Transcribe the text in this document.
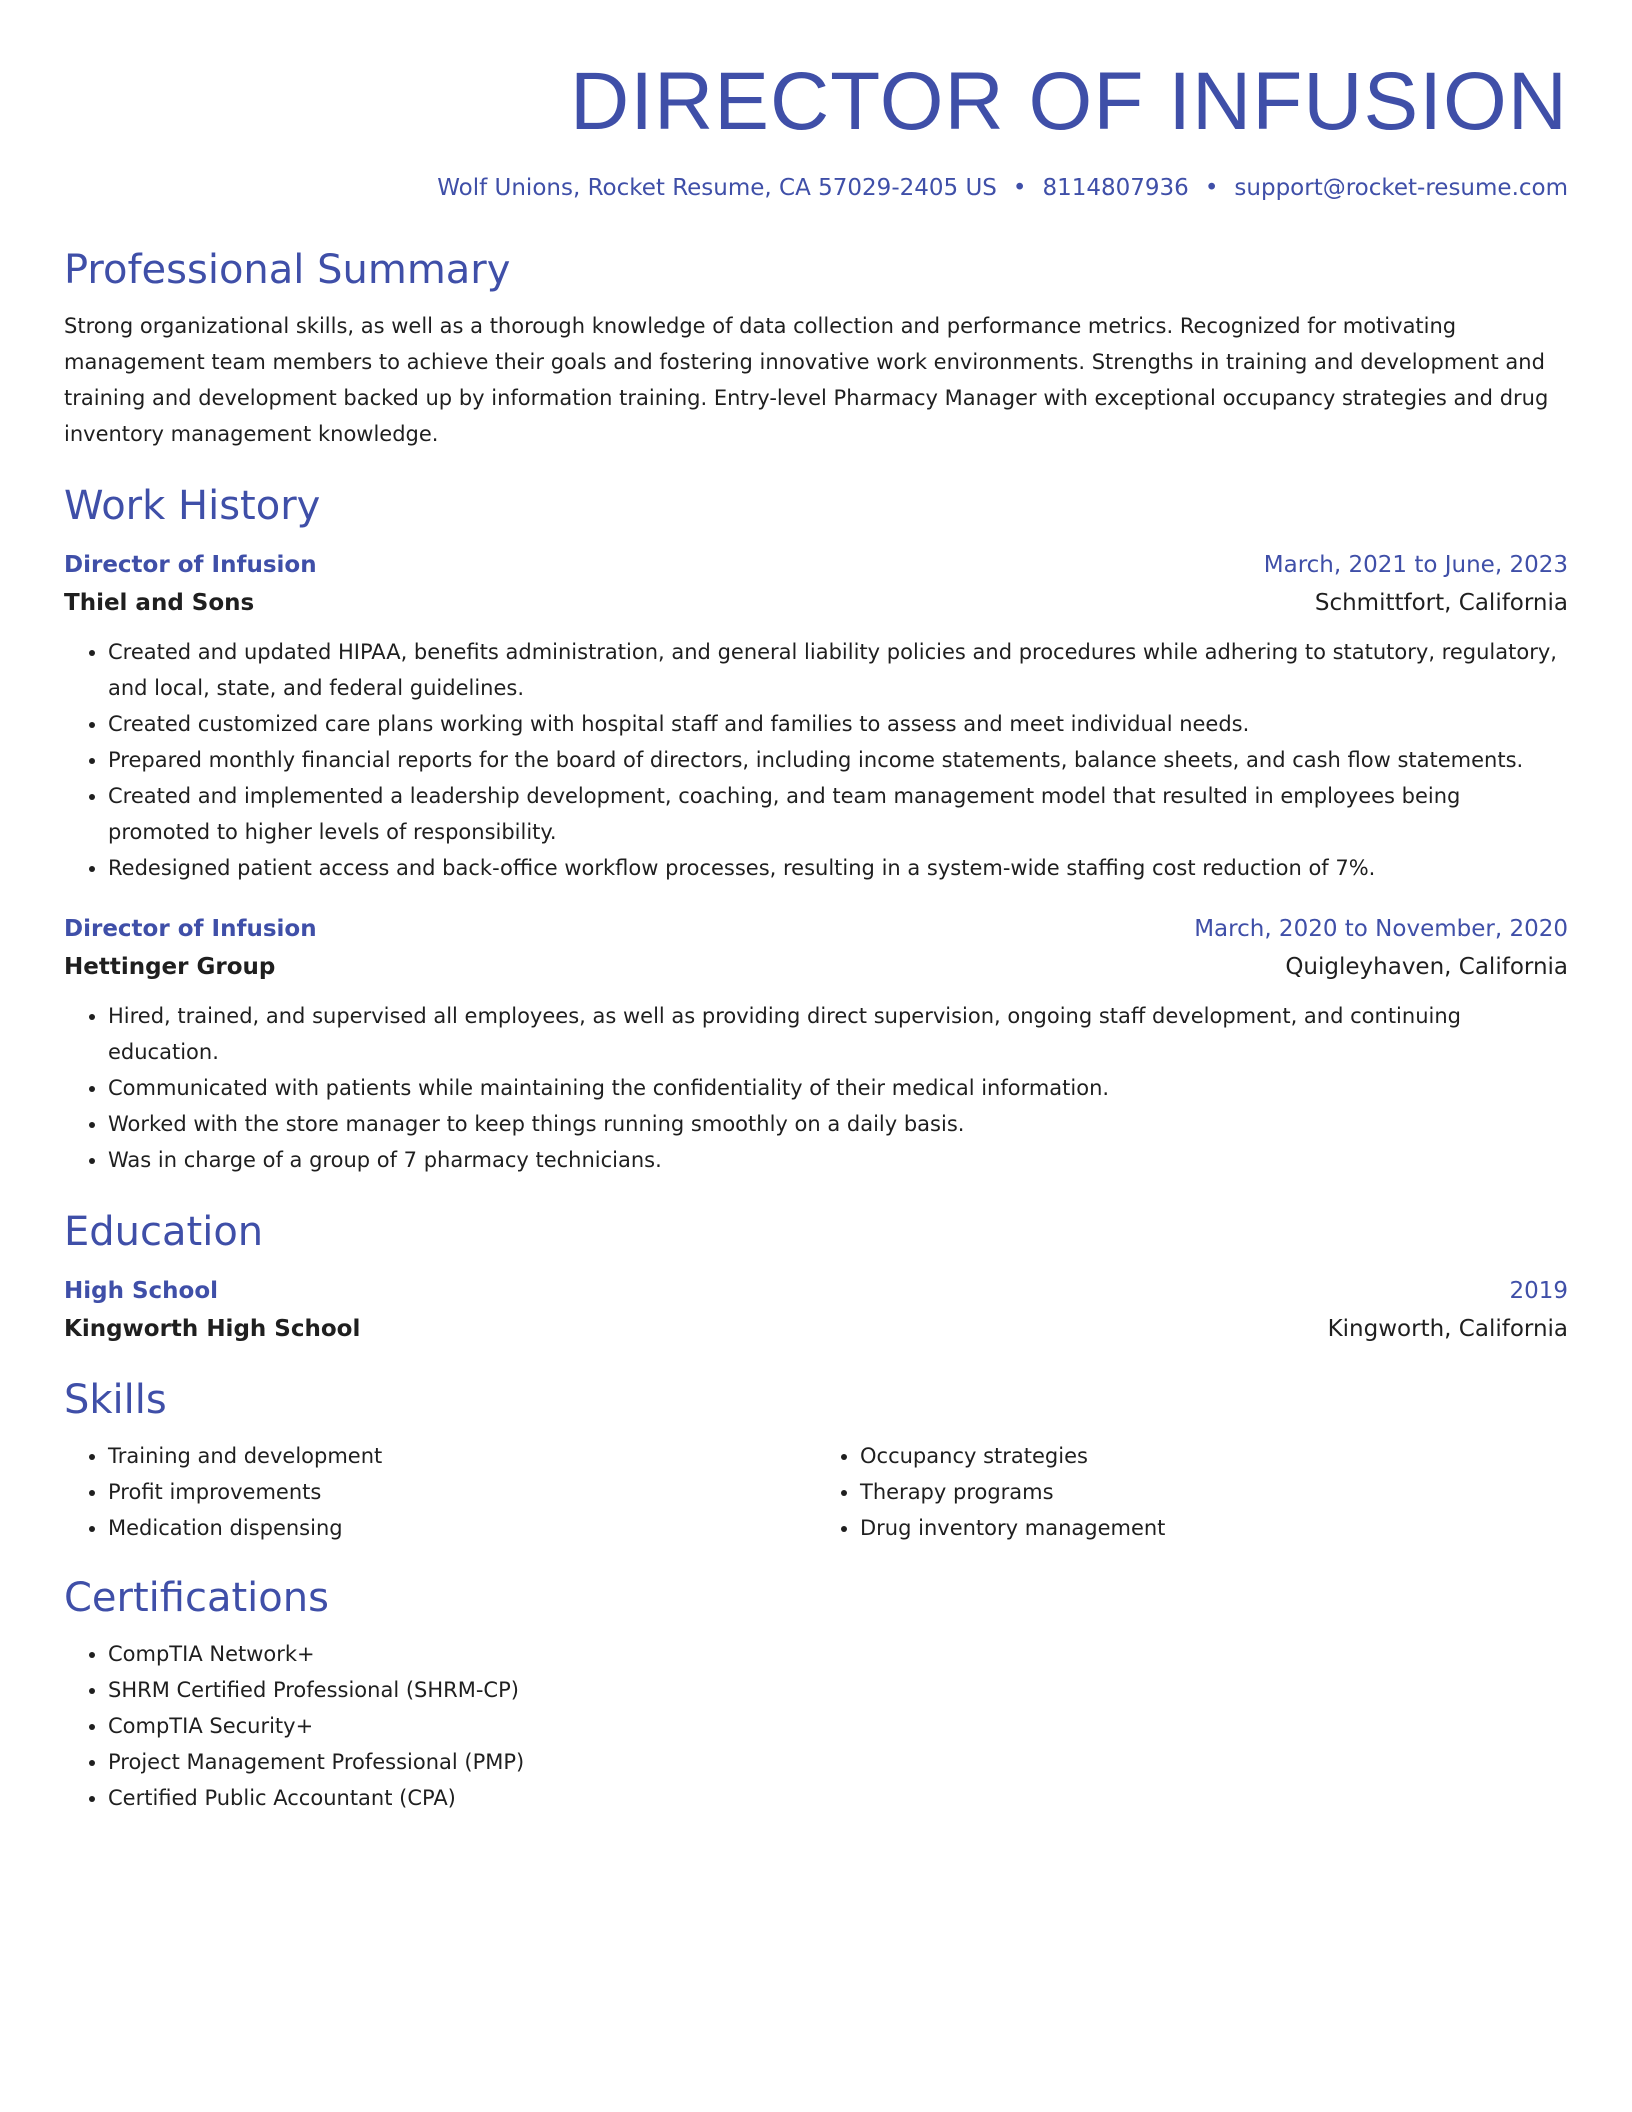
DIRECTOR OF INFUSION
Wolf Unions, Rocket Resume, CA 57029-2405 US • 8114807936 • support@rocket-resume.com
Professional Summary

Strong organizational skills, as well as a thorough knowledge of data collection and performance metrics. Recognized for motivating management team members to achieve their goals and fostering innovative work environments. Strengths in training and development and training and development backed up by information training. Entry-level Pharmacy Manager with exceptional occupancy strategies and drug inventory management knowledge.

Work History
Director of Infusion	March, 2021 to June, 2023
Thiel and Sons	Schmittfort, California
• Created and updated HIPAA, benefits administration, and general liability policies and procedures while adhering to statutory, regulatory, and local, state, and federal guidelines.
• Created customized care plans working with hospital staff and families to assess and meet individual needs.
• Prepared monthly financial reports for the board of directors, including income statements, balance sheets, and cash flow statements.
• Created and implemented a leadership development, coaching, and team management model that resulted in employees being promoted to higher levels of responsibility.
• Redesigned patient access and back-office workflow processes, resulting in a system-wide staffing cost reduction of 7%.
Director of Infusion	March, 2020 to November, 2020
Hettinger Group	Quigleyhaven, California
• Hired, trained, and supervised all employees, as well as providing direct supervision, ongoing staff development, and continuing education.
• Communicated with patients while maintaining the confidentiality of their medical information.
• Worked with the store manager to keep things running smoothly on a daily basis.
• Was in charge of a group of 7 pharmacy technicians.
Education
High School	2019
Kingworth High School	Kingworth, California
Skills
• Training and development
• Profit improvements
• Medication dispensing
• Occupancy strategies
• Therapy programs
• Drug inventory management
Certifications
• CompTIA Network+
• SHRM Certified Professional (SHRM-CP)
• CompTIA Security+
• Project Management Professional (PMP)
• Certified Public Accountant (CPA)
